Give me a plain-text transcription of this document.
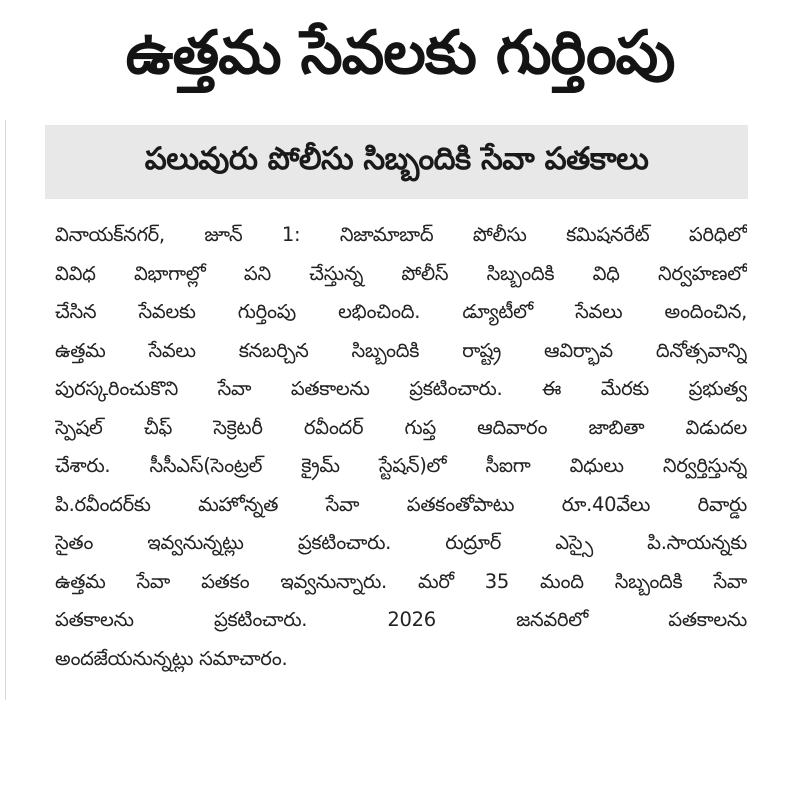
ఉత్తమ సేవలకు గుర్తింపు
పలువురు పోలీసు సిబ్బందికి సేవా పతకాలు
వినాయక్‌నగర్, జూన్ 1: నిజామాబాద్ పోలీసు కమిషనరేట్ పరిధిలో
వివిధ విభాగాల్లో పని చేస్తున్న పోలీస్ సిబ్బందికి విధి నిర్వహణలో
చేసిన సేవలకు గుర్తింపు లభించింది. డ్యూటీలో సేవలు అందించిన,
ఉత్తమ సేవలు కనబర్చిన సిబ్బందికి రాష్ట్ర ఆవిర్భావ దినోత్సవాన్ని
పురస్కరించుకొని సేవా పతకాలను ప్రకటించారు. ఈ మేరకు ప్రభుత్వ
స్పెషల్ చీఫ్ సెక్రెటరీ రవీందర్ గుప్త ఆదివారం జాబితా విడుదల
చేశారు. సీసీఎస్(సెంట్రల్ క్రైమ్ స్టేషన్)లో సీఐగా విధులు నిర్వర్తిస్తున్న
పి.రవీందర్‌కు మహోన్నత సేవా పతకంతోపాటు రూ.40వేలు రివార్డు
సైతం ఇవ్వనున్నట్లు ప్రకటించారు. రుద్రూర్ ఎస్సై పి.సాయన్నకు
ఉత్తమ సేవా పతకం ఇవ్వనున్నారు. మరో 35 మంది సిబ్బందికి సేవా
పతకాలను ప్రకటించారు. 2026 జనవరిలో పతకాలను
అందజేయనున్నట్లు సమాచారం.
